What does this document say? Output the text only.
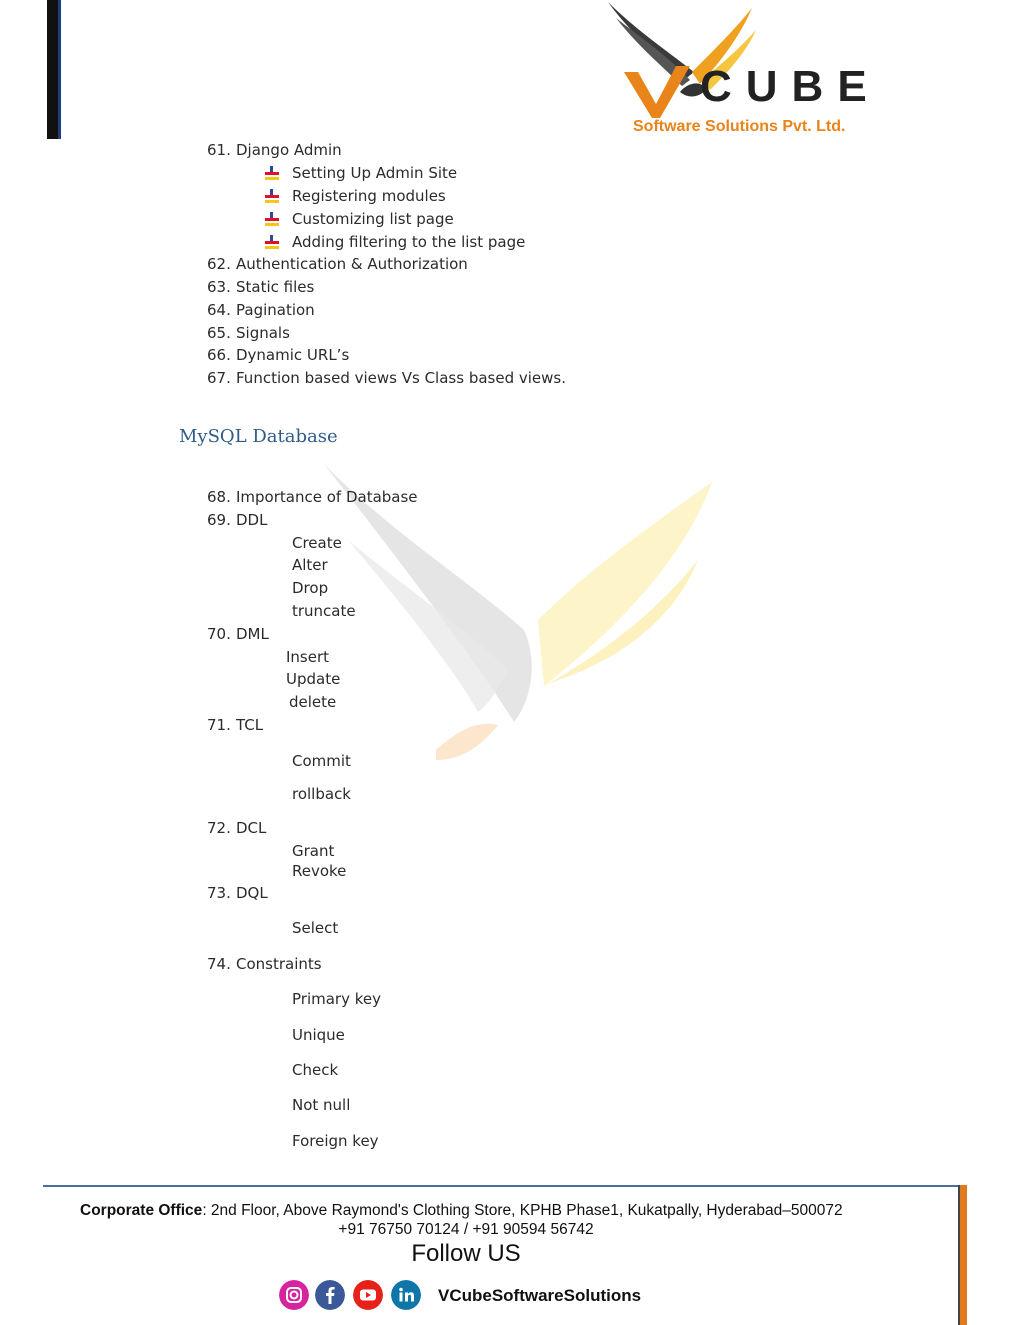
CUBE
Software Solutions Pvt. Ltd.
61. Django Admin
Setting Up Admin Site
Registering modules
Customizing list page
Adding filtering to the list page
62. Authentication & Authorization
63. Static files
64. Pagination
65. Signals
66. Dynamic URL’s
67. Function based views Vs Class based views.
MySQL Database
68. Importance of Database
69. DDL
Create
Alter
Drop
truncate
70. DML
Insert
Update
delete
71. TCL
Commit
rollback
72. DCL
Grant
Revoke
73. DQL
Select
74. Constraints
Primary key
Unique
Check
Not null
Foreign key
Corporate Office: 2nd Floor, Above Raymond's Clothing Store, KPHB Phase1, Kukatpally, Hyderabad–500072
+91 76750 70124 / +91 90594 56742
Follow US
VCubeSoftwareSolutions
